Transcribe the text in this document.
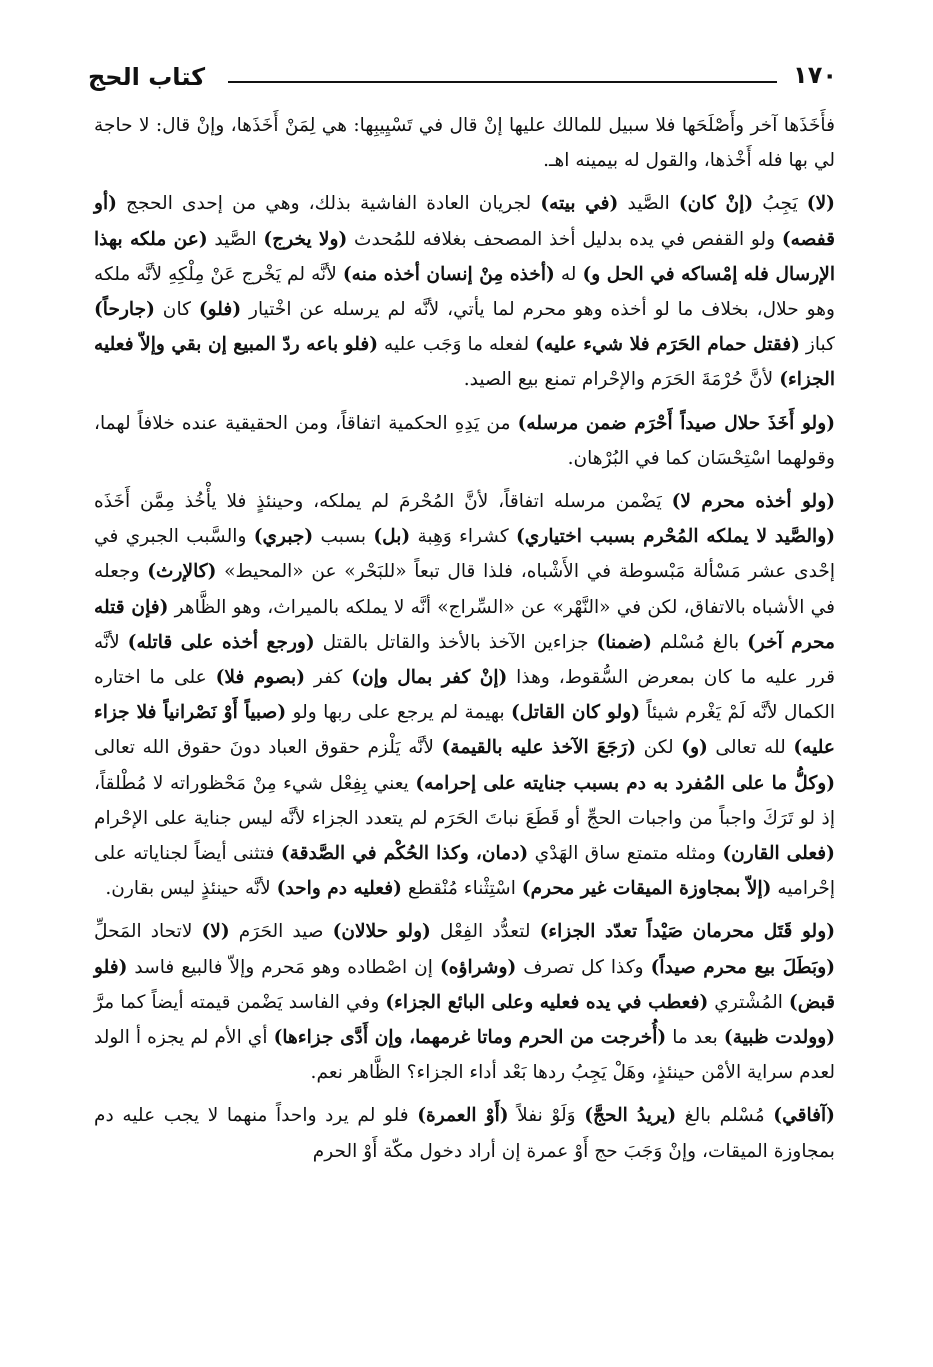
كتاب الحج	١٧٠

فأَخَذَها آخر وأَصْلَحَها فلا سبيل للمالك عليها إنْ قال في تَسْيِيبِها: هي لِمَنْ أَخَذَها، وإنْ قال: لا حاجة لي بها فله أَخْذها، والقول له بيمينه اهـ.

(لا) يَجِبُ (إنْ كان) الصَّيد (في بيته) لجريان العادة الفاشية بذلك، وهي من إحدى الحجج (أو قفصه) ولو القفص في يده بدليل أخذ المصحف بغلافه للمُحدث (ولا يخرج) الصَّيد (عن ملكه بهذا الإرسال فله إمْساكه في الحل و) له (أخذه مِنْ إنسان أخذه منه) لأنَّه لم يَخْرج عَنْ مِلْكِهِ لأنَّه ملكه وهو حلال، بخلاف ما لو أخذه وهو محرم لما يأتي، لأنَّه لم يرسله عن اخْتيار (فلو) كان (جارحاً) كباز (فقتل حمام الحَرَم فلا شيء عليه) لفعله ما وَجَب عليه (فلو باعه ردّ المبيع إن بقي وإلاّ فعليه الجزاء) لأنَّ حُرْمَةَ الحَرَم والإحْرام تمنع بيع الصيد.

(ولو أَخَذَ حلال صيداً أَحْرَم ضمن مرسله) من يَدِهِ الحكمية اتفاقاً، ومن الحقيقية عنده خلافاً لهما، وقولهما اسْتِحْسَان كما في البُرْهان.

(ولو أخذه محرم لا) يَضْمن مرسله اتفاقاً، لأنَّ المُحْرمَ لم يملكه، وحينئذٍ فلا يأْخُذ مِمَّن أَخَذَه (والصَّيد لا يملكه المُحْرم بسبب اختياري) كشراء وَهِبة (بل) بسبب (جبري) والسَّبب الجبري في إحْدى عشر مَسْألة مَبْسوطة في الأَشْباه، فلذا قال تبعاً «للبَحْر» عن «المحيط» (كالإرث) وجعله في الأشباه بالاتفاق، لكن في «النَّهْر» عن «السِّراج» أنَّه لا يملكه بالميراث، وهو الظَّاهر (فإن قتله محرم آخر) بالغ مُسْلم (ضمنا) جزاءين الآخذ بالأخذ والقاتل بالقتل (ورجع أخذه على قاتله) لأنَّه قرر عليه ما كان بمعرض السُّقوط، وهذا (إنْ كفر بمال وإن) كفر (بصوم فلا) على ما اختاره الكمال لأنَّه لَمْ يَغْرم شيئاً (ولو كان القاتل) بهيمة لم يرجع على ربها ولو (صبياً أَوْ نَصْرانياً فلا جزاء عليه) لله تعالى (و) لكن (رَجَعَ الآخذ عليه بالقيمة) لأنَّه يَلْزم حقوق العباد دونَ حقوق الله تعالى (وكلُّ ما على المُفرد به دم بسبب جنايته على إحرامه) يعني بِفِعْل شيء مِنْ مَحْظوراته لا مُطْلقاً، إذ لو تَرَكَ واجباً من واجبات الحجِّ أو قَطَعَ نباتَ الحَرَم لم يتعدد الجزاء لأنَّه ليس جناية على الإحْرام (فعلى القارن) ومثله متمتع ساق الهَدْي (دمان، وكذا الحُكْم في الصَّدقة) فتثنى أيضاً لجناياته على إحْراميه (إلاّ بمجاوزة الميقات غير محرم) اسْتِثْناء مُنْقطع (فعليه دم واحد) لأنَّه حينئذٍ ليس بقارن.

(ولو قَتَل محرمان صَيْداً تعدّد الجزاء) لتعدُّد الفِعْل (ولو حلالان) صيد الحَرَم (لا) لاتحاد المَحلِّ (وبَطَلَ بيع محرم صيداً) وكذا كل تصرف (وشراؤه) إن اصْطاده وهو مَحرم وإلاّ فالبيع فاسد (فلو قبض) المُشْتري (فعطب في يده فعليه وعلى البائع الجزاء) وفي الفاسد يَضْمن قيمته أيضاً كما مرَّ (وولدت ظبية) بعد ما (أُخرجت من الحرم وماتا غرمهما، وإن أَدَّى جزاءها) أي الأم لم يجزه أ الولد لعدم سراية الأمْن حينئذٍ، وهَلْ يَجِبُ ردها بَعْد أداء الجزاء؟ الظَّاهر نعم.

(آفاقي) مُسْلم بالغ (يريدُ الحجَّ) وَلَوْ نفلاً (أَوْ العمرة) فلو لم يرد واحداً منهما لا يجب عليه دم بمجاوزة الميقات، وإنْ وَجَبَ حج أَوْ عمرة إن أراد دخول مكّة أَوْ الحرم
